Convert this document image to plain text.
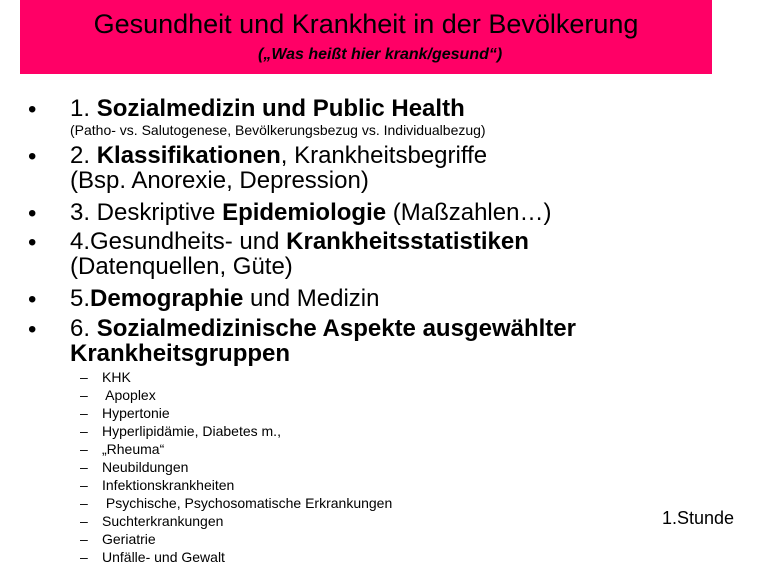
Gesundheit und Krankheit in der Bevölkerung
(„Was heißt hier krank/gesund“)
• 1. Sozialmedizin und Public Health
(Patho- vs. Salutogenese, Bevölkerungsbezug vs. Individualbezug)
• 2. Klassifikationen, Krankheitsbegriffe
(Bsp. Anorexie, Depression)
• 3. Deskriptive Epidemiologie (Maßzahlen…)
• 4.Gesundheits- und Krankheitsstatistiken
(Datenquellen, Güte)
• 5.Demographie und Medizin
• 6. Sozialmedizinische Aspekte ausgewählter
Krankheitsgruppen
– KHK
– Apoplex
– Hypertonie
– Hyperlipidämie, Diabetes m.,
– „Rheuma“
– Neubildungen
– Infektionskrankheiten
– Psychische, Psychosomatische Erkrankungen
– Suchterkrankungen
– Geriatrie
– Unfälle- und Gewalt
1.Stunde
